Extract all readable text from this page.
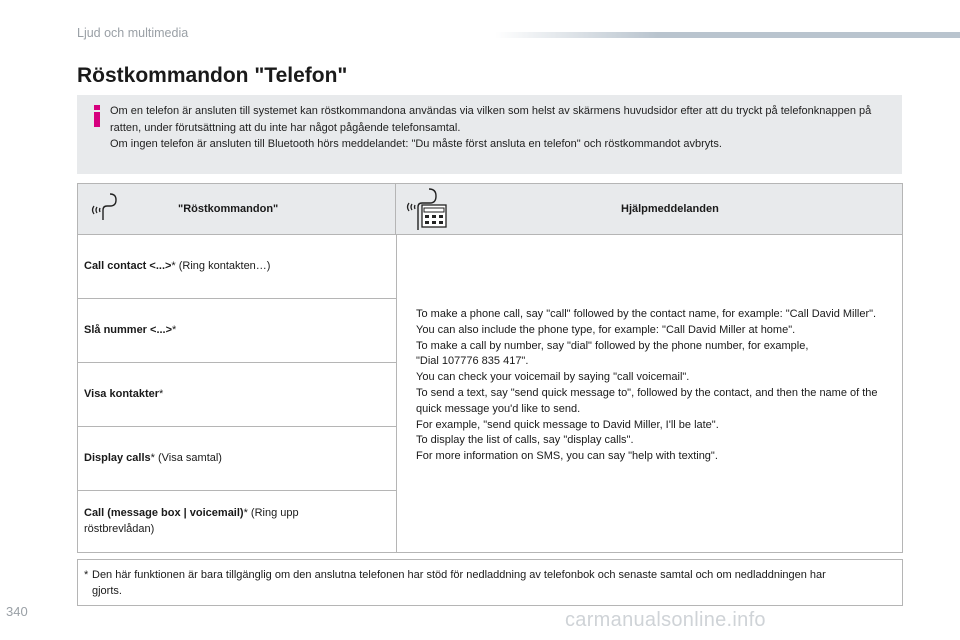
Ljud och multimedia
Röstkommandon "Telefon"

Om en telefon är ansluten till systemet kan röstkommandona användas via vilken som helst av skärmens huvudsidor efter att du tryckt på telefonknappen på ratten, under förutsättning att du inte har något pågående telefonsamtal.

Om ingen telefon är ansluten till Bluetooth hörs meddelandet: "Du måste först ansluta en telefon" och röstkommandot avbryts.

"Röstkommandon"	Hjälpmeddelanden
Call contact <...>* (Ring kontakten…)
Slå nummer <...>*
Visa kontakter*
Display calls* (Visa samtal)
Call (message box | voicemail)* (Ring upp röstbrevlådan)

To make a phone call, say "call" followed by the contact name, for example: "Call David Miller".

You can also include the phone type, for example: "Call David Miller at home".

To make a call by number, say "dial" followed by the phone number, for example,

"Dial 107776 835 417".

You can check your voicemail by saying "call voicemail".

To send a text, say "send quick message to", followed by the contact, and then the name of the quick message you'd like to send.

For example, "send quick message to David Miller, I'll be late".

To display the list of calls, say "display calls".

For more information on SMS, you can say "help with texting".

* Den här funktionen är bara tillgänglig om den anslutna telefonen har stöd för nedladdning av telefonbok och senaste samtal och om nedladdningen har gjorts.
340	carmanualsonline.info
